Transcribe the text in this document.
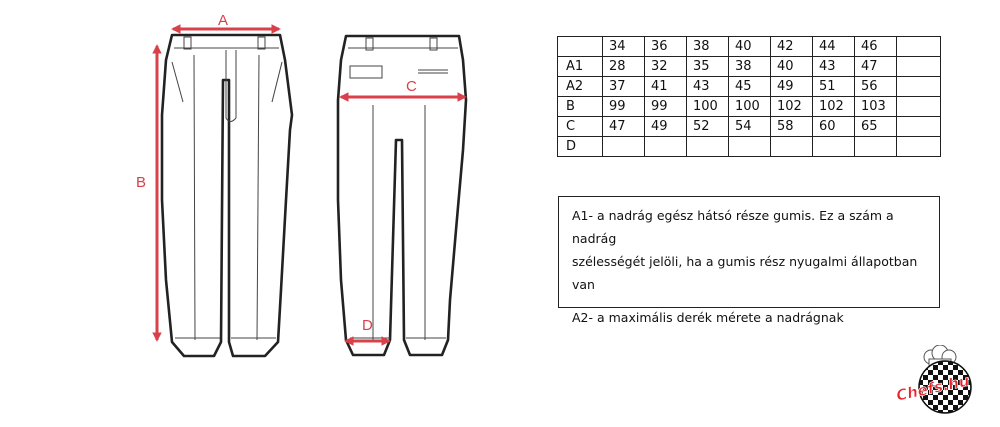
A
B
C
D
	34	36	38	40	42	44	46	
A1	28	32	35	38	40	43	47	
A2	37	41	43	45	49	51	56	
B	99	99	100	100	102	102	103	
C	47	49	52	54	58	60	65	
D								

A1- a nadrág egész hátsó része gumis. Ez a szám a nadrág

szélességét jelöli, ha a gumis rész nyugalmi állapotban van

A2- a maximális derék mérete a nadrágnak

Chefs.hu
